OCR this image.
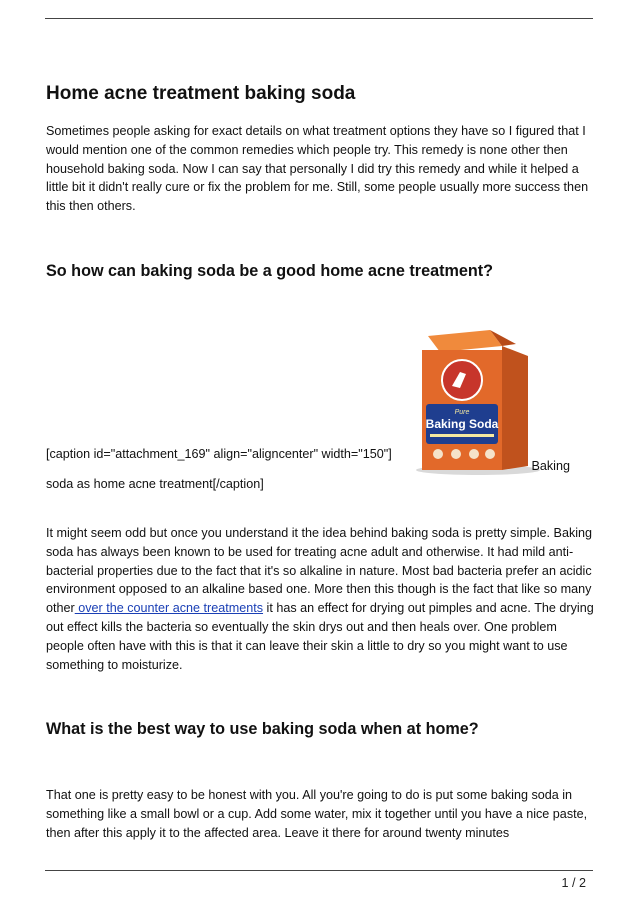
Home acne treatment baking soda

Sometimes people asking for exact details on what treatment options they have so I figured that I would mention one of the common remedies which people try. This remedy is none other then household baking soda. Now I can say that personally I did try this remedy and while it helped a little bit it didn't really cure or fix the problem for me. Still, some people usually more success then this then others.

So how can baking soda be a good home acne treatment?
Pure
Baking Soda

[caption id="attachment_169" align="aligncenter" width="150"]

Baking

soda as home acne treatment[/caption]

It might seem odd but once you understand it the idea behind baking soda is pretty simple. Baking soda has always been known to be used for treating acne adult and otherwise. It had mild anti-bacterial properties due to the fact that it's so alkaline in nature. Most bad bacteria prefer an acidic environment opposed to an alkaline based one. More then this though is the fact that like so many other over the counter acne treatments it has an effect for drying out pimples and acne. The drying out effect kills the bacteria so eventually the skin drys out and then heals over. One problem people often have with this is that it can leave their skin a little to dry so you might want to use something to moisturize.

What is the best way to use baking soda when at home?

That one is pretty easy to be honest with you. All you're going to do is put some baking soda in something like a small bowl or a cup. Add some water, mix it together until you have a nice paste, then after this apply it to the affected area. Leave it there for around twenty minutes

1 / 2
